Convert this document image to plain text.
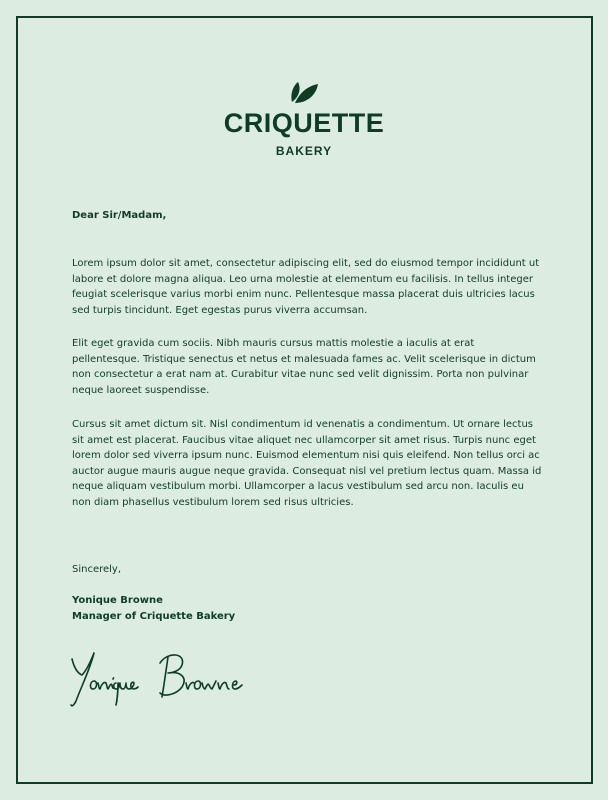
CRIQUETTE
BAKERY

Dear Sir/Madam,

Lorem ipsum dolor sit amet, consectetur adipiscing elit, sed do eiusmod tempor incididunt ut labore et dolore magna aliqua. Leo urna molestie at elementum eu facilisis. In tellus integer feugiat scelerisque varius morbi enim nunc. Pellentesque massa placerat duis ultricies lacus sed turpis tincidunt. Eget egestas purus viverra accumsan.

Elit eget gravida cum sociis. Nibh mauris cursus mattis molestie a iaculis at erat pellentesque. Tristique senectus et netus et malesuada fames ac. Velit scelerisque in dictum non consectetur a erat nam at. Curabitur vitae nunc sed velit dignissim. Porta non pulvinar neque laoreet suspendisse.

Cursus sit amet dictum sit. Nisl condimentum id venenatis a condimentum. Ut ornare lectus sit amet est placerat. Faucibus vitae aliquet nec ullamcorper sit amet risus. Turpis nunc eget lorem dolor sed viverra ipsum nunc. Euismod elementum nisi quis eleifend. Non tellus orci ac auctor augue mauris augue neque gravida. Consequat nisl vel pretium lectus quam. Massa id neque aliquam vestibulum morbi. Ullamcorper a lacus vestibulum sed arcu non. Iaculis eu non diam phasellus vestibulum lorem sed risus ultricies.

Sincerely,

Yonique Browne

Manager of Criquette Bakery
